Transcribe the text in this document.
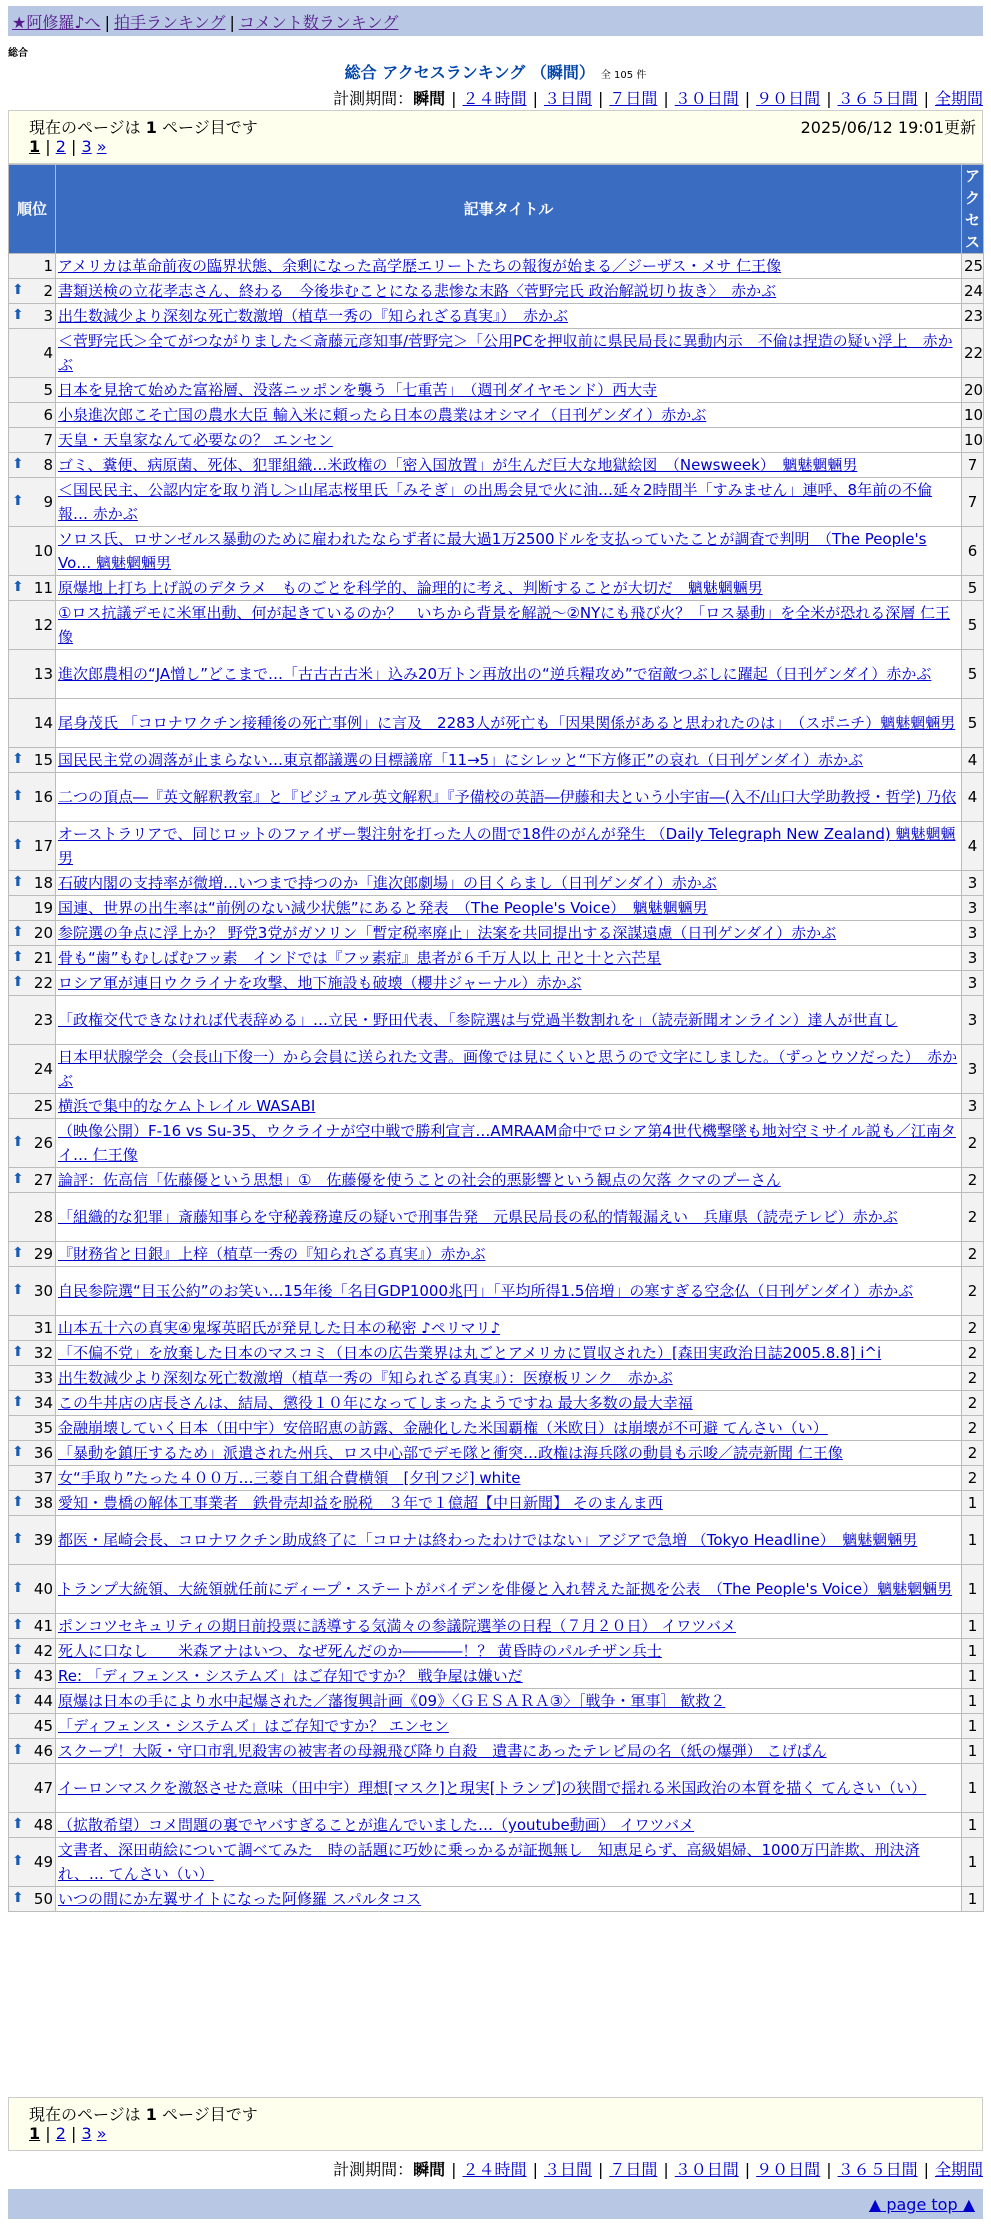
★阿修羅♪へ | 拍手ランキング | コメント数ランキング
総合
総合 アクセスランキング （瞬間） 全 105 件
計測期間：瞬間 | ２４時間 | ３日間 | ７日間 | ３０日間 | ９０日間 | ３６５日間 | 全期間
現在のページは 1 ページ目です	2025/06/12 19:01更新
1 | 2 | 3 »
順位	記事タイトル	アクセス
1	アメリカは革命前夜の臨界状態、余剰になった高学歴エリートたちの報復が始まる／ジーザス・メサ 仁王像	25

⬆ 2	書類送検の立花孝志さん、終わる　今後歩むことになる悲惨な末路〈菅野完氏 政治解説切り抜き〉　赤かぶ	24

⬆ 3	出生数減少より深刻な死亡数激増（植草一秀の『知られざる真実』）　赤かぶ	23
4	＜菅野完氏＞全てがつながりました＜斎藤元彦知事/菅野完＞「公用PCを押収前に県民局長に異動内示　不倫は捏造の疑い浮上　赤かぶ	22
5	日本を見捨て始めた富裕層、没落ニッポンを襲う「七重苦」　（週刊ダイヤモンド）西大寺	20
6	小泉進次郎こそ亡国の農水大臣 輸入米に頼ったら日本の農業はオシマイ（日刊ゲンダイ）赤かぶ	10
7	天皇・天皇家なんて必要なの？ エンセン	10

⬆ 8	ゴミ、糞便、病原菌、死体、犯罪組織…米政権の「密入国放置」が生んだ巨大な地獄絵図　（Newsweek）　魑魅魍魎男	7

⬆ 9	＜国民民主、公認内定を取り消し＞山尾志桜里氏「みそぎ」の出馬会見で火に油…延々2時間半「すみません」連呼、8年前の不倫報… 赤かぶ	7
10	ソロス氏、ロサンゼルス暴動のために雇われたならず者に最大過1万2500ドルを支払っていたことが調査で判明　（The People's Vo… 魑魅魍魎男	6

⬆ 11	原爆地上打ち上げ説のデタラメ　ものごとを科学的、論理的に考え、判断することが大切だ　魑魅魍魎男	5
12	①ロス抗議デモに米軍出動、何が起きているのか？　いちから背景を解説～②NYにも飛び火？「ロス暴動」を全米が恐れる深層 仁王像	5
13	進次郎農相の“JA憎し”どこまで…「古古古古米」込み20万トン再放出の“逆兵糧攻め”で宿敵つぶしに躍起（日刊ゲンダイ）赤かぶ	5
14	尾身茂氏 「コロナワクチン接種後の死亡事例」に言及　2283人が死亡も「因果関係があると思われたのは」　（スポニチ）魑魅魍魎男	5

⬆ 15	国民民主党の凋落が止まらない…東京都議選の目標議席「11→5」にシレッと“下方修正”の哀れ（日刊ゲンダイ）赤かぶ	4

⬆ 16	二つの頂点―『英文解釈教室』と『ビジュアル英文解釈』『予備校の英語―伊藤和夫という小宇宙―(入不/山口大学助教授・哲学) 乃依	4

⬆ 17	オーストラリアで、同じロットのファイザー製注射を打った人の間で18件のがんが発生 （Daily Telegraph New Zealand) 魑魅魍魎男	4

⬆ 18	石破内閣の支持率が微増…いつまで持つのか「進次郎劇場」の目くらまし（日刊ゲンダイ）赤かぶ	3
19	国連、世界の出生率は“前例のない減少状態”にあると発表　（The People's Voice）　魑魅魍魎男	3

⬆ 20	参院選の争点に浮上か？ 野党3党がガソリン「暫定税率廃止」法案を共同提出する深謀遠慮（日刊ゲンダイ）赤かぶ	3

⬆ 21	骨も“歯”もむしばむフッ素　インドでは『フッ素症』患者が６千万人以上 卍と十と六芒星	3

⬆ 22	ロシア軍が連日ウクライナを攻撃、地下施設も破壊（櫻井ジャーナル）赤かぶ	3
23	「政権交代できなければ代表辞める」…立民・野田代表、「参院選は与党過半数割れを」（読売新聞オンライン）達人が世直し	3
24	日本甲状腺学会（会長山下俊一）から会員に送られた文書。画像では見にくいと思うので文字にしました。（ずっとウソだった）　赤かぶ	3
25	横浜で集中的なケムトレイル WASABI	3

⬆ 26	（映像公開）F-16 vs Su-35、ウクライナが空中戦で勝利宣言…AMRAAM命中でロシア第4世代機撃墜も地対空ミサイル説も／江南タイ… 仁王像	2

⬆ 27	論評：佐高信「佐藤優という思想」①　佐藤優を使うことの社会的悪影響という観点の欠落 クマのプーさん	2
28	「組織的な犯罪」斎藤知事らを守秘義務違反の疑いで刑事告発　元県民局長の私的情報漏えい　兵庫県（読売テレビ）赤かぶ	2

⬆ 29	『財務省と日銀』上梓（植草一秀の『知られざる真実』）赤かぶ	2

⬆ 30	自民参院選“目玉公約”のお笑い…15年後「名目GDP1000兆円」「平均所得1.5倍増」の寒すぎる空念仏（日刊ゲンダイ）赤かぶ	2
31	山本五十六の真実④鬼塚英昭氏が発見した日本の秘密 ♪ペリマリ♪	2

⬆ 32	「不偏不党」を放棄した日本のマスコミ（日本の広告業界は丸ごとアメリカに買収された）[森田実政治日誌2005.8.8] i^i	2
33	出生数減少より深刻な死亡数激増（植草一秀の『知られざる真実』）：医療板リンク　赤かぶ	2

⬆ 34	この牛丼店の店長さんは、結局、懲役１０年になってしまったようですね 最大多数の最大幸福	2
35	金融崩壊していく日本（田中宇）安倍昭恵の訪露、金融化した米国覇権（米欧日）は崩壊が不可避 てんさい（い）	2

⬆ 36	「暴動を鎮圧するため」派遣された州兵、ロス中心部でデモ隊と衝突…政権は海兵隊の動員も示唆／読売新聞 仁王像	2
37	女“手取り”たった４００万…三菱自工組合費横領　[夕刊フジ] white	2

⬆ 38	愛知・豊橋の解体工事業者　鉄骨売却益を脱税　３年で１億超【中日新聞】 そのまんま西	1

⬆ 39	都医・尾崎会長、コロナワクチン助成終了に「コロナは終わったわけではない」アジアで急増 （Tokyo Headline）　魑魅魍魎男	1

⬆ 40	トランプ大統領、大統領就任前にディープ・ステートがバイデンを俳優と入れ替えた証拠を公表　（The People's Voice）魑魅魍魎男	1

⬆ 41	ポンコツセキュリティの期日前投票に誘導する気満々の参議院選挙の日程（７月２０日） イワツバメ	1

⬆ 42	死人に口なし　　米森アナはいつ、なぜ死んだのか――――！？ 黄昏時のパルチザン兵士	1

⬆ 43	Re: 「ディフェンス・システムズ」はご存知ですか？ 戦争屋は嫌いだ	1

⬆ 44	原爆は日本の手により水中起爆された／藩復興計画《09》〈ＧＥＳＡＲＡ③〉［戦争・軍事］ 歓救２	1
45	「ディフェンス・システムズ」はご存知ですか？ エンセン	1

⬆ 46	スクープ！大阪・守口市乳児殺害の被害者の母親飛び降り自殺　遺書にあったテレビ局の名（紙の爆弾） こげぱん	1
47	イーロンマスクを激怒させた意味（田中宇）理想[マスク]と現実[トランプ]の狭間で揺れる米国政治の本質を描く てんさい（い）	1

⬆ 48	（拡散希望）コメ問題の裏でヤバすぎることが進んでいました…（youtube動画） イワツバメ	1

⬆ 49	文書者、深田萌絵について調べてみた　時の話題に巧妙に乗っかるが証拠無し　知恵足らず、高級娼婦、1000万円詐欺、刑決済れ、… てんさい（い）	1

⬆ 50	いつの間にか左翼サイトになった阿修羅 スパルタコス	1
現在のページは 1 ページ目です
1 | 2 | 3 »
計測期間：瞬間 | ２４時間 | ３日間 | ７日間 | ３０日間 | ９０日間 | ３６５日間 | 全期間
▲ page top ▲
